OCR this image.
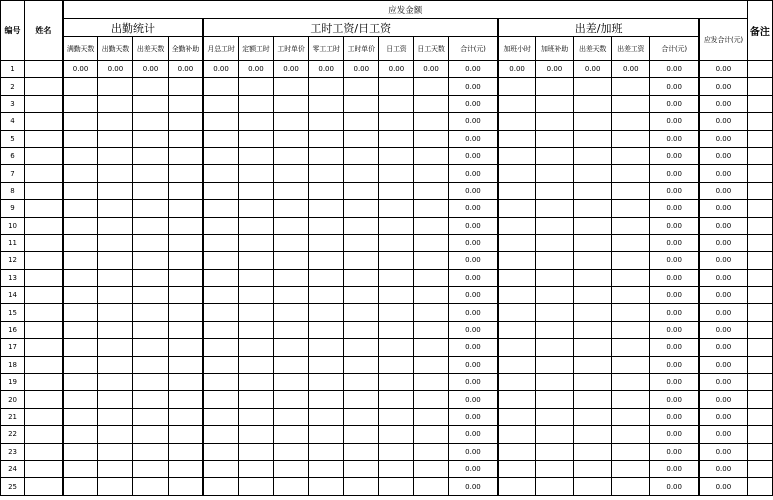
编号	姓名	应发金额																		备注
		出勤统计				工时工资/日工资								出差/加班					应发合计(元)	
		满勤天数	出勤天数	出差天数	全勤补助	月总工时	定额工时	工时单价	零工工时	工时单价	日工资	日工天数	合计(元)	加班小时	加班补助	出差天数	出差工资	合计(元)		
1		0.00	0.00	0.00	0.00	0.00	0.00	0.00	0.00	0.00	0.00	0.00	0.00	0.00	0.00	0.00	0.00	0.00	0.00	
2													0.00					0.00	0.00	
3													0.00					0.00	0.00	
4													0.00					0.00	0.00	
5													0.00					0.00	0.00	
6													0.00					0.00	0.00	
7													0.00					0.00	0.00	
8													0.00					0.00	0.00	
9													0.00					0.00	0.00	
10													0.00					0.00	0.00	
11													0.00					0.00	0.00	
12													0.00					0.00	0.00	
13													0.00					0.00	0.00	
14													0.00					0.00	0.00	
15													0.00					0.00	0.00	
16													0.00					0.00	0.00	
17													0.00					0.00	0.00	
18													0.00					0.00	0.00	
19													0.00					0.00	0.00	
20													0.00					0.00	0.00	
21													0.00					0.00	0.00	
22													0.00					0.00	0.00	
23													0.00					0.00	0.00	
24													0.00					0.00	0.00	
25													0.00					0.00	0.00	
